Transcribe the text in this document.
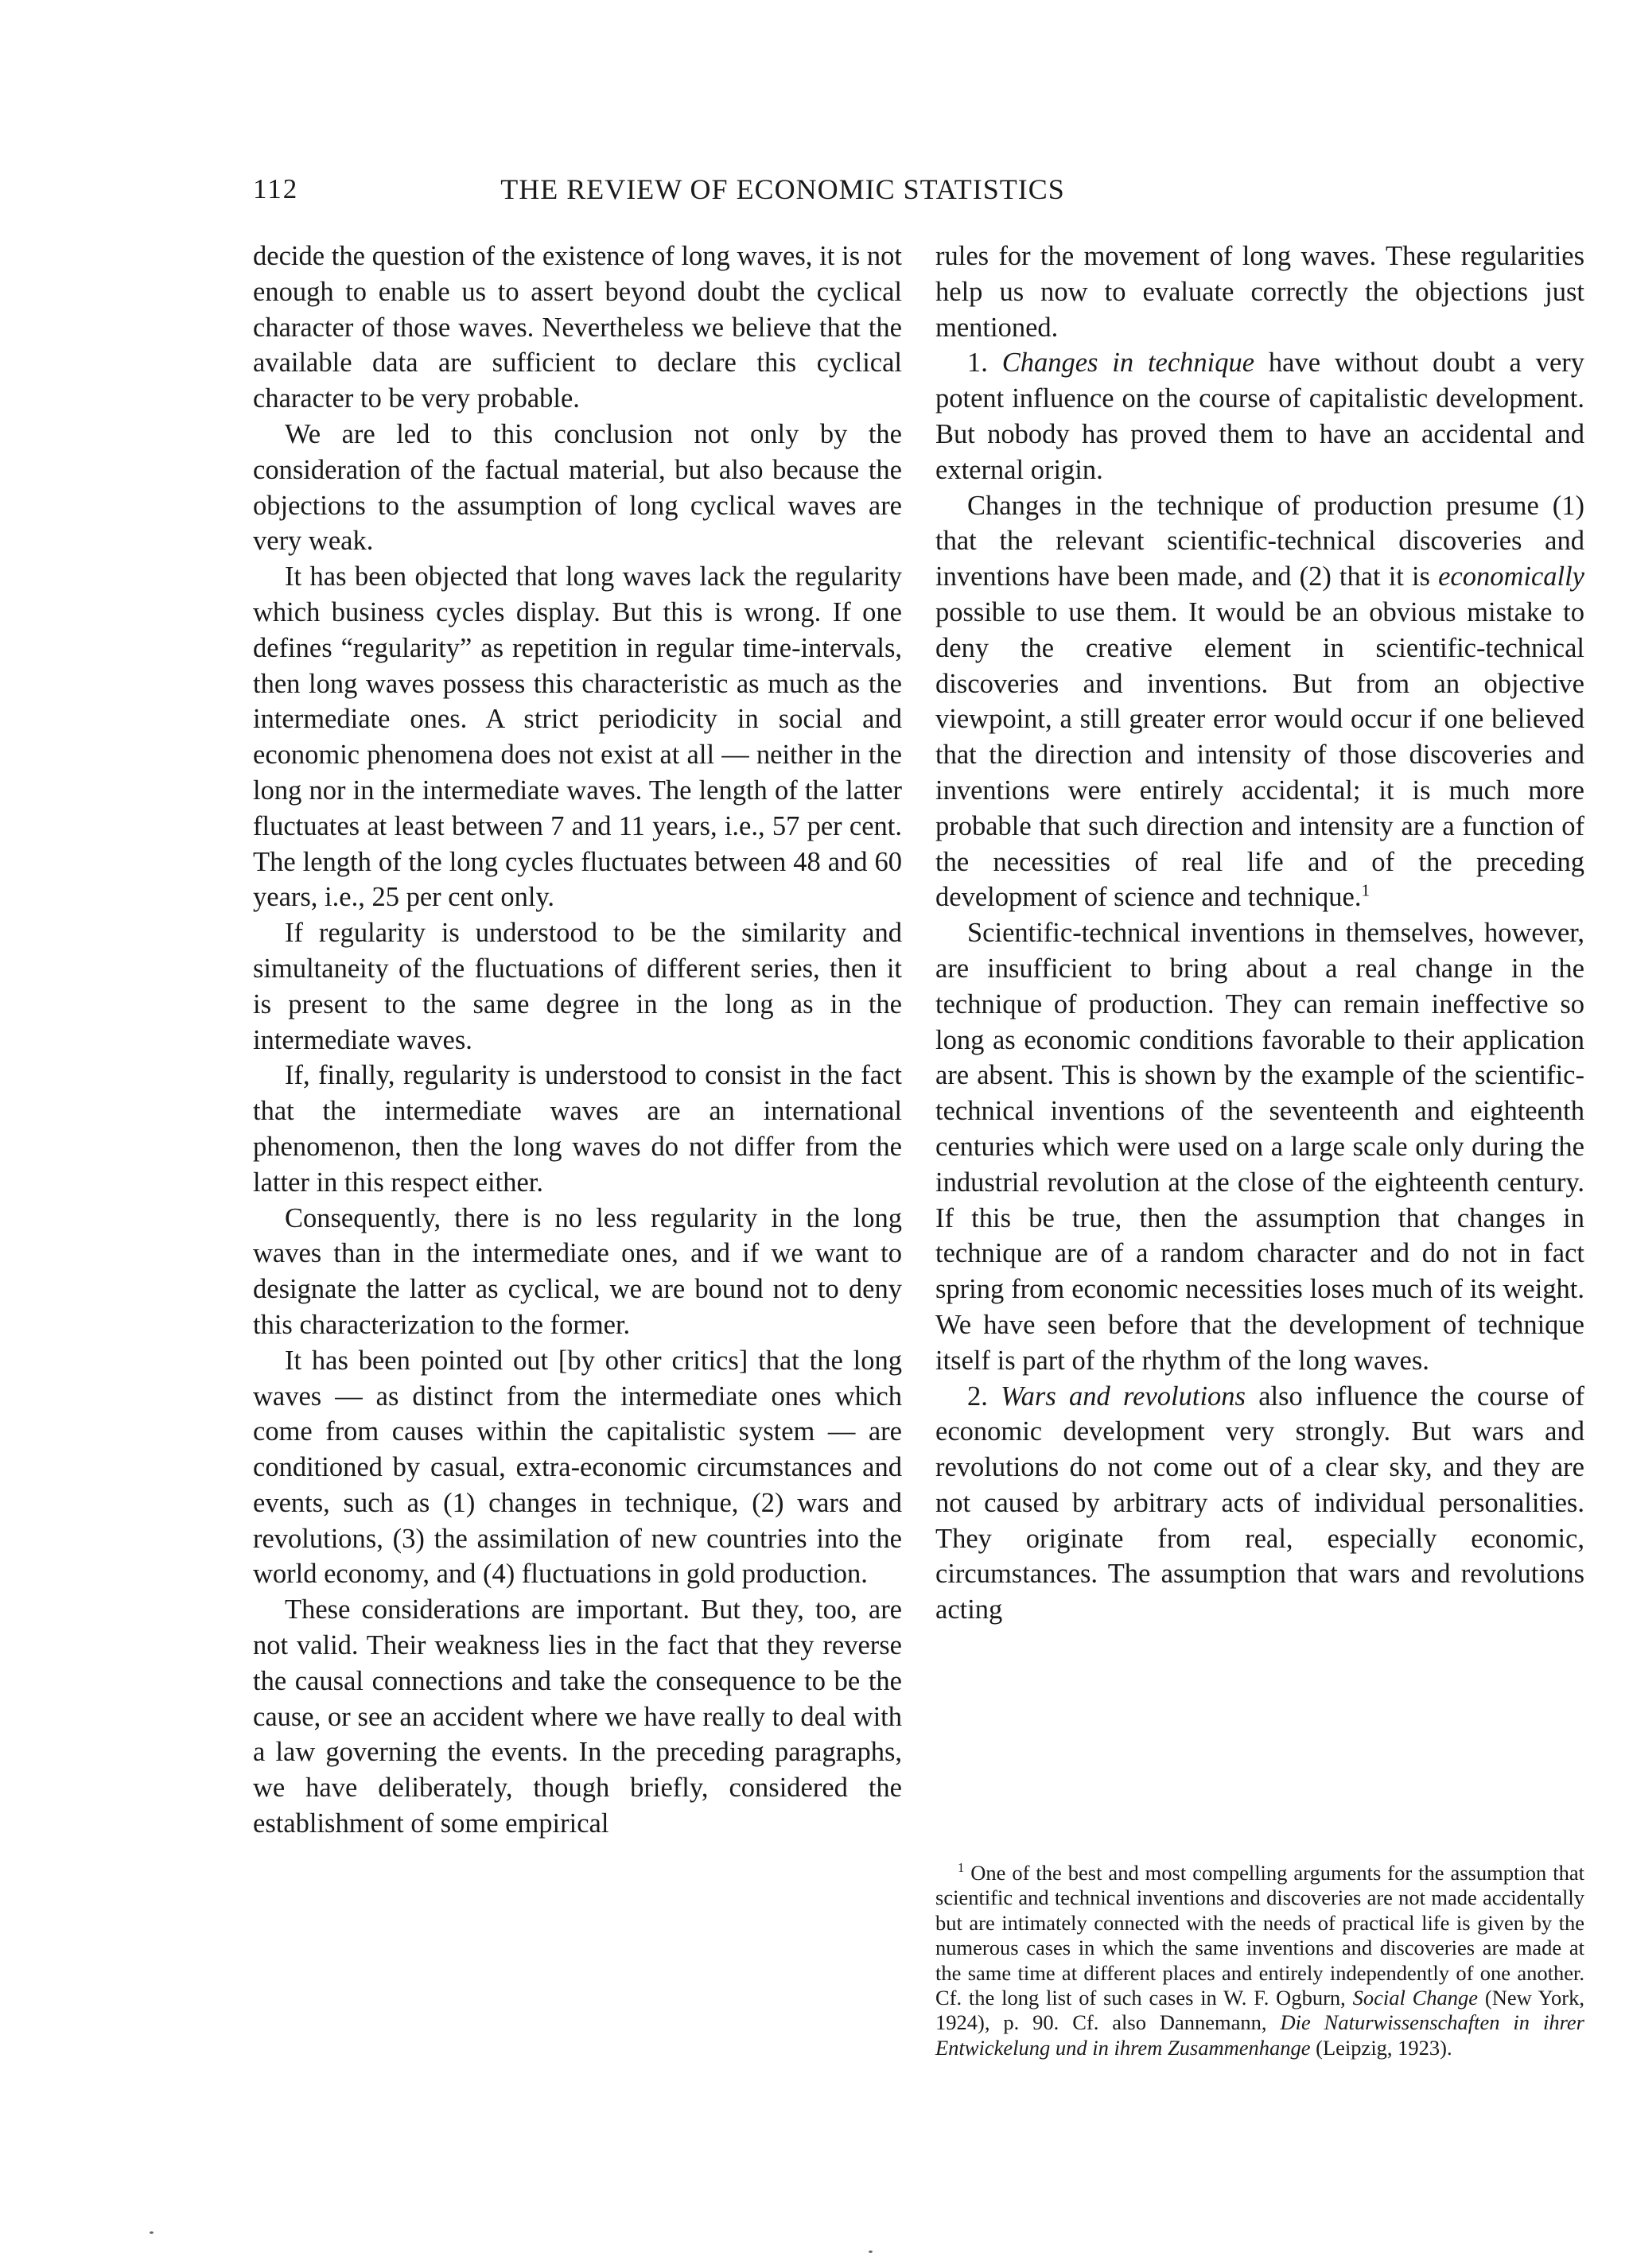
112	THE REVIEW OF ECONOMIC STATISTICS

decide the question of the existence of long waves, it is not enough to enable us to assert beyond doubt the cyclical character of those waves. Nevertheless we believe that the available data are sufficient to declare this cyclical character to be very probable.

We are led to this conclusion not only by the consideration of the factual material, but also because the objections to the assumption of long cyclical waves are very weak.

It has been objected that long waves lack the regularity which business cycles display. But this is wrong. If one defines “regularity” as repetition in regular time-intervals, then long waves possess this characteristic as much as the intermediate ones. A strict periodicity in social and economic phenomena does not exist at all — neither in the long nor in the intermediate waves. The length of the latter fluctuates at least between 7 and 11 years, i.e., 57 per cent. The length of the long cycles fluctuates between 48 and 60 years, i.e., 25 per cent only.

If regularity is understood to be the similarity and simultaneity of the fluctuations of different series, then it is present to the same degree in the long as in the intermediate waves.

If, finally, regularity is understood to consist in the fact that the intermediate waves are an international phenomenon, then the long waves do not differ from the latter in this respect either.

Consequently, there is no less regularity in the long waves than in the intermediate ones, and if we want to designate the latter as cyclical, we are bound not to deny this characterization to the former.

It has been pointed out [by other critics] that the long waves — as distinct from the intermediate ones which come from causes within the capitalistic system — are conditioned by casual, extra-economic circumstances and events, such as (1) changes in technique, (2) wars and revolutions, (3) the assimilation of new countries into the world economy, and (4) fluctuations in gold production.

These considerations are important. But they, too, are not valid. Their weakness lies in the fact that they reverse the causal connections and take the consequence to be the cause, or see an accident where we have really to deal with a law governing the events. In the preceding paragraphs, we have deliberately, though briefly, considered the establishment of some empirical

rules for the movement of long waves. These regularities help us now to evaluate correctly the objections just mentioned.

1. Changes in technique have without doubt a very potent influence on the course of capitalistic development. But nobody has proved them to have an accidental and external origin.

Changes in the technique of production presume (1) that the relevant scientific-technical discoveries and inventions have been made, and (2) that it is economically possible to use them. It would be an obvious mistake to deny the creative element in scientific-technical discoveries and inventions. But from an objective viewpoint, a still greater error would occur if one believed that the direction and intensity of those discoveries and inventions were entirely accidental; it is much more probable that such direction and intensity are a function of the necessities of real life and of the preceding development of science and technique.$^1$

Scientific-technical inventions in themselves, however, are insufficient to bring about a real change in the technique of production. They can remain ineffective so long as economic conditions favorable to their application are absent. This is shown by the example of the scientific-technical inventions of the seventeenth and eighteenth centuries which were used on a large scale only during the industrial revolution at the close of the eighteenth century. If this be true, then the assumption that changes in technique are of a random character and do not in fact spring from economic necessities loses much of its weight. We have seen before that the development of technique itself is part of the rhythm of the long waves.

2. Wars and revolutions also influence the course of economic development very strongly. But wars and revolutions do not come out of a clear sky, and they are not caused by arbitrary acts of individual personalities. They originate from real, especially economic, circumstances. The assumption that wars and revolutions acting

$^1$ One of the best and most compelling arguments for the assumption that scientific and technical inventions and discoveries are not made accidentally but are intimately connected with the needs of practical life is given by the numerous cases in which the same inventions and discoveries are made at the same time at different places and entirely independently of one another. Cf. the long list of such cases in W. F. Ogburn, Social Change (New York, 1924), p. 90. Cf. also Dannemann, Die Naturwissenschaften in ihrer Entwickelung und in ihrem Zusammenhange (Leipzig, 1923).
